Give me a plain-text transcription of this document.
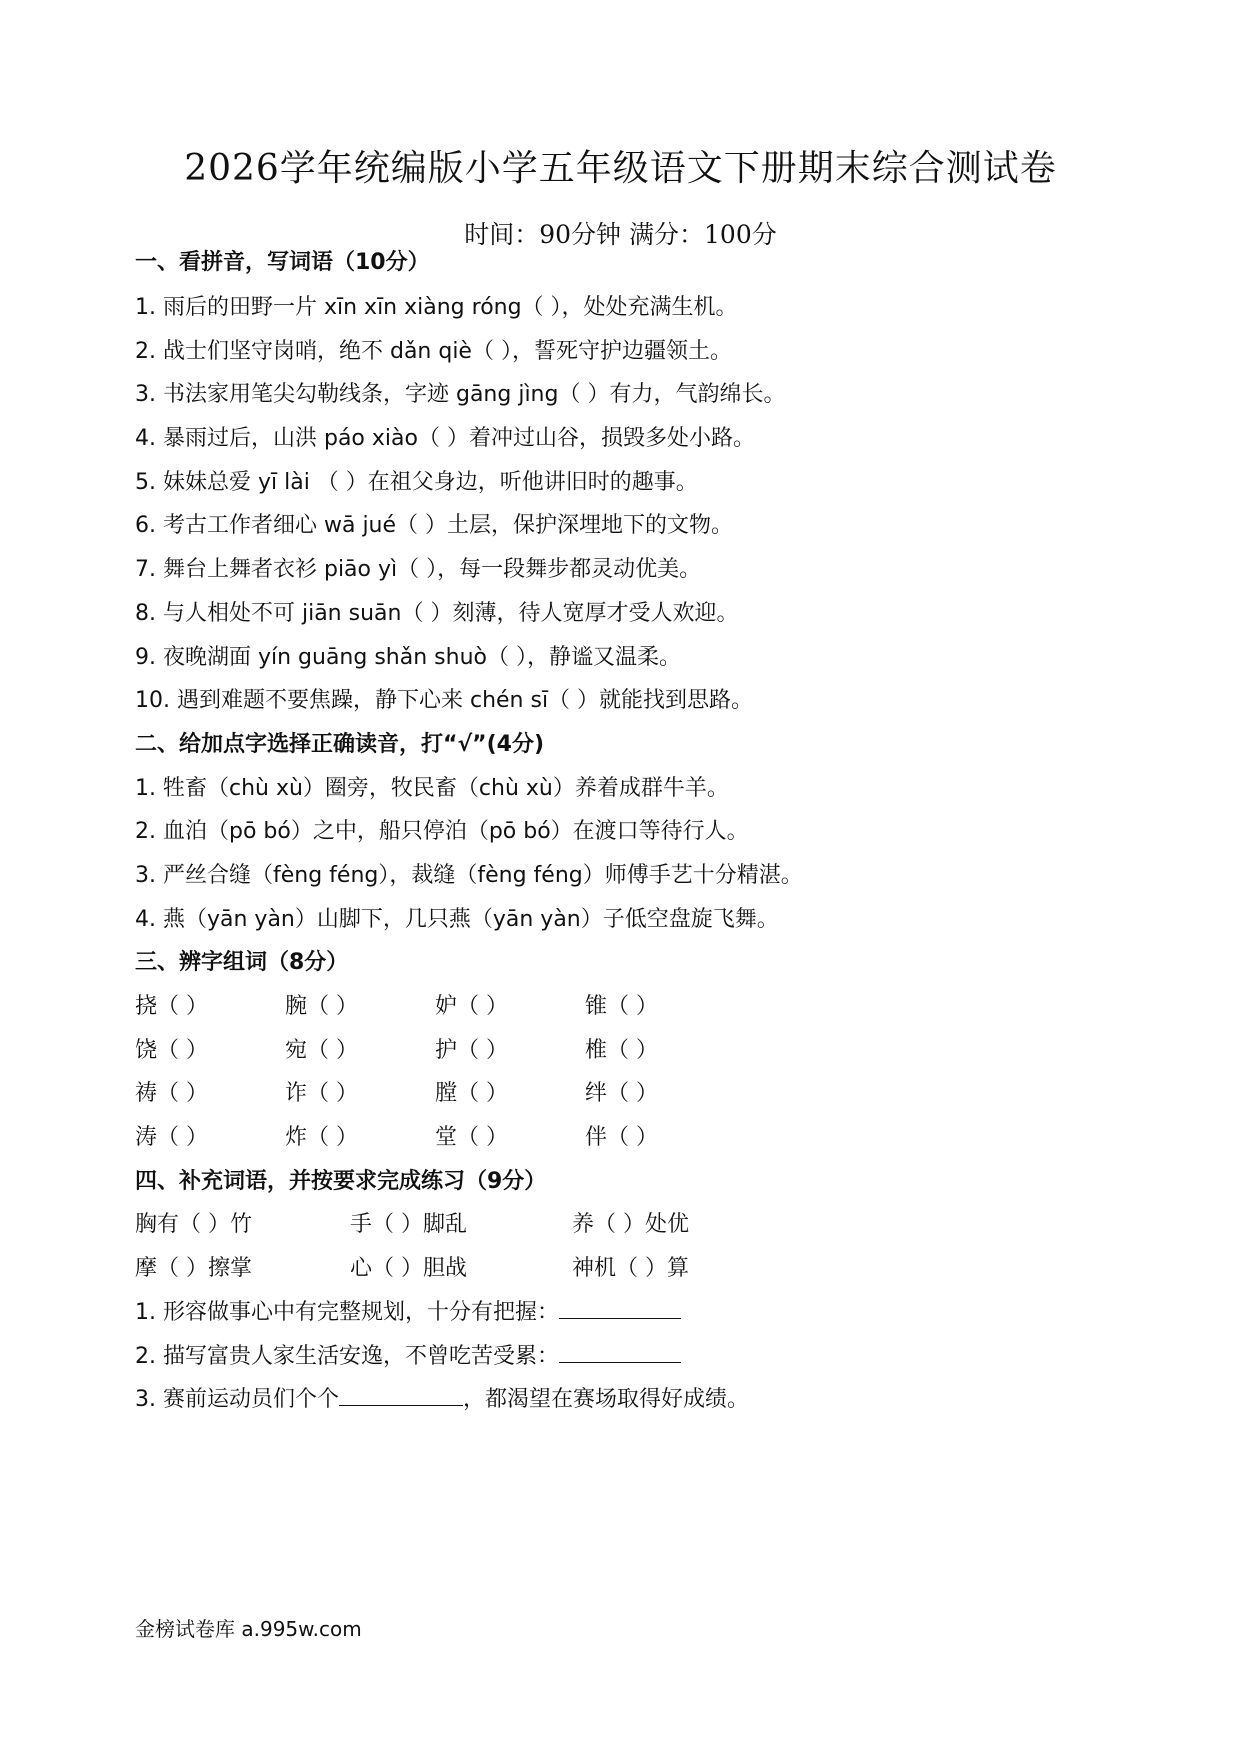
2026学年统编版小学五年级语文下册期末综合测试卷
时间：90分钟 满分：100分
一、看拼音，写词语（10分）
1. 雨后的田野一片 xīn xīn xiàng róng（ ），处处充满生机。
2. 战士们坚守岗哨，绝不 dǎn qiè（ ），誓死守护边疆领土。
3. 书法家用笔尖勾勒线条，字迹 gāng jìng（ ）有力，气韵绵长。
4. 暴雨过后，山洪 páo xiào（ ）着冲过山谷，损毁多处小路。
5. 妹妹总爱 yī lài （ ）在祖父身边，听他讲旧时的趣事。
6. 考古工作者细心 wā jué（ ）土层，保护深埋地下的文物。
7. 舞台上舞者衣衫 piāo yì（ ），每一段舞步都灵动优美。
8. 与人相处不可 jiān suān（ ）刻薄，待人宽厚才受人欢迎。
9. 夜晚湖面 yín guāng shǎn shuò（ ），静谧又温柔。
10. 遇到难题不要焦躁，静下心来 chén sī（ ）就能找到思路。
二、给加点字选择正确读音，打“√”(4分)
1. 牲畜（chù xù）圈旁，牧民畜（chù xù）养着成群牛羊。
2. 血泊（pō bó）之中，船只停泊（pō bó）在渡口等待行人。
3. 严丝合缝（fèng féng），裁缝（fèng féng）师傅手艺十分精湛。
4. 燕（yān yàn）山脚下，几只燕（yān yàn）子低空盘旋飞舞。
三、辨字组词（8分）
挠（ ）	腕（ ）	妒（ ）	锥（ ）
饶（ ）	宛（ ）	护（ ）	椎（ ）
祷（ ）	诈（ ）	膛（ ）	绊（ ）
涛（ ）	炸（ ）	堂（ ）	伴（ ）
四、补充词语，并按要求完成练习（9分）
胸有（ ）竹	手（ ）脚乱	养（ ）处优
摩（ ）擦掌	心（ ）胆战	神机（ ）算
1. 形容做事心中有完整规划，十分有把握：
2. 描写富贵人家生活安逸，不曾吃苦受累：
3. 赛前运动员们个个	，都渴望在赛场取得好成绩。
金榜试卷库 a.995w.com
